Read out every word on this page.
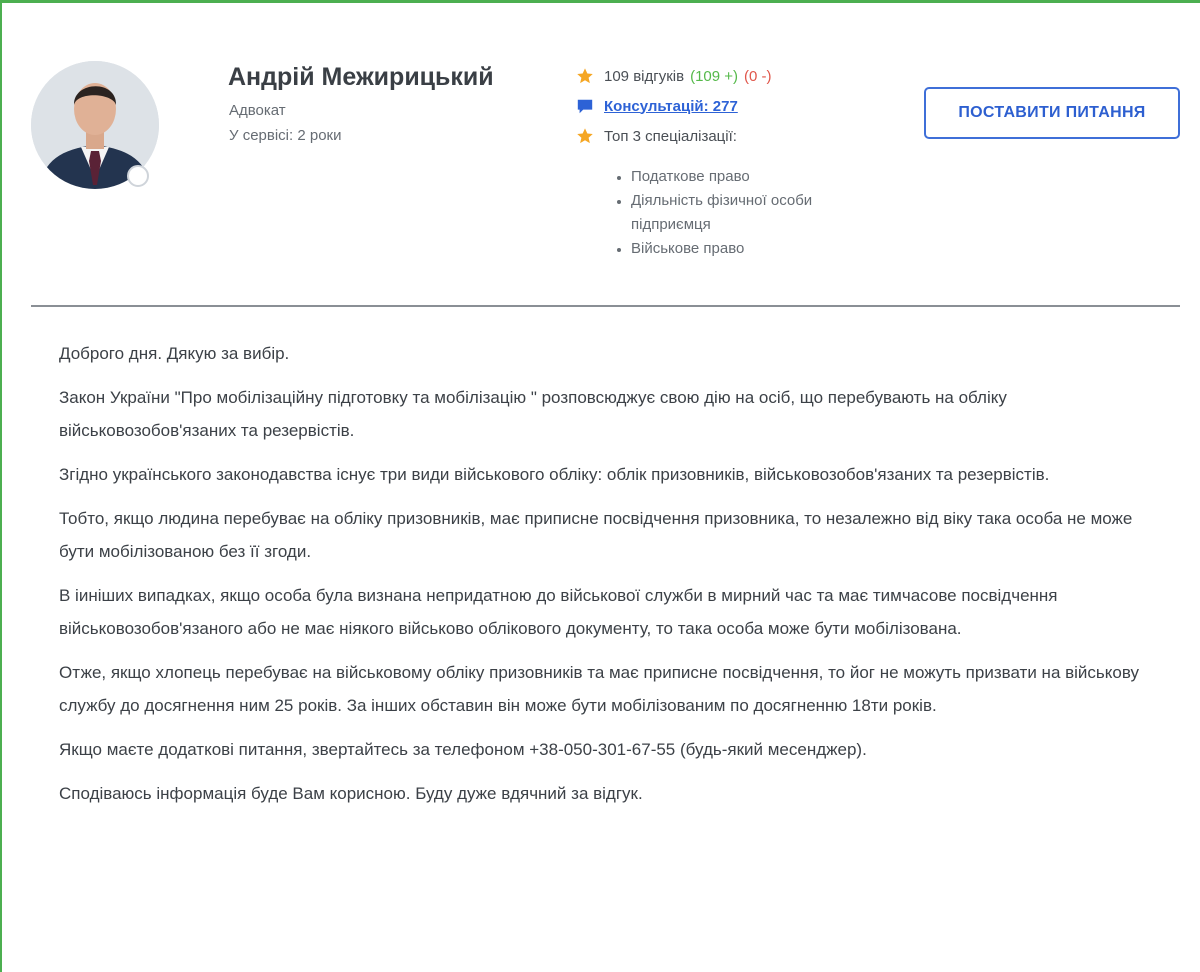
Андрій Межирицький
Адвокат
У сервісі: 2 роки
109 відгуків (109 +) (0 -)
Консультацій: 277
Топ 3 спеціалізації:
Податкове право
Діяльність фізичної особи підприємця
Військове право
ПОСТАВИТИ ПИТАННЯ

Доброго дня. Дякую за вибір.

Закон України "Про мобілізаційну підготовку та мобілізацію " розповсюджує свою дію на осіб, що перебувають на обліку військовозобов'язаних та резервістів.

Згідно українського законодавства існує три види військового обліку: облік призовників, військовозобов'язаних та резервістів.

Тобто, якщо людина перебуває на обліку призовників, має приписне посвідчення призовника, то незалежно від віку така особа не може бути мобілізованою без її згоди.

В іиніших випадках, якщо особа була визнана непридатною до військової служби в мирний час та має тимчасове посвідчення військовозобов'язаного або не має ніякого військово облікового документу, то така особа може бути мобілізована.

Отже, якщо хлопець перебуває на військовому обліку призовників та має приписне посвідчення, то йог не можуть призвати на військову службу до досягнення ним 25 років. За інших обставин він може бути мобілізованим по досягненню 18ти років.

Якщо маєте додаткові питання, звертайтесь за телефоном +38-050-301-67-55 (будь-який месенджер).

Сподіваюсь інформація буде Вам корисною. Буду дуже вдячний за відгук.
